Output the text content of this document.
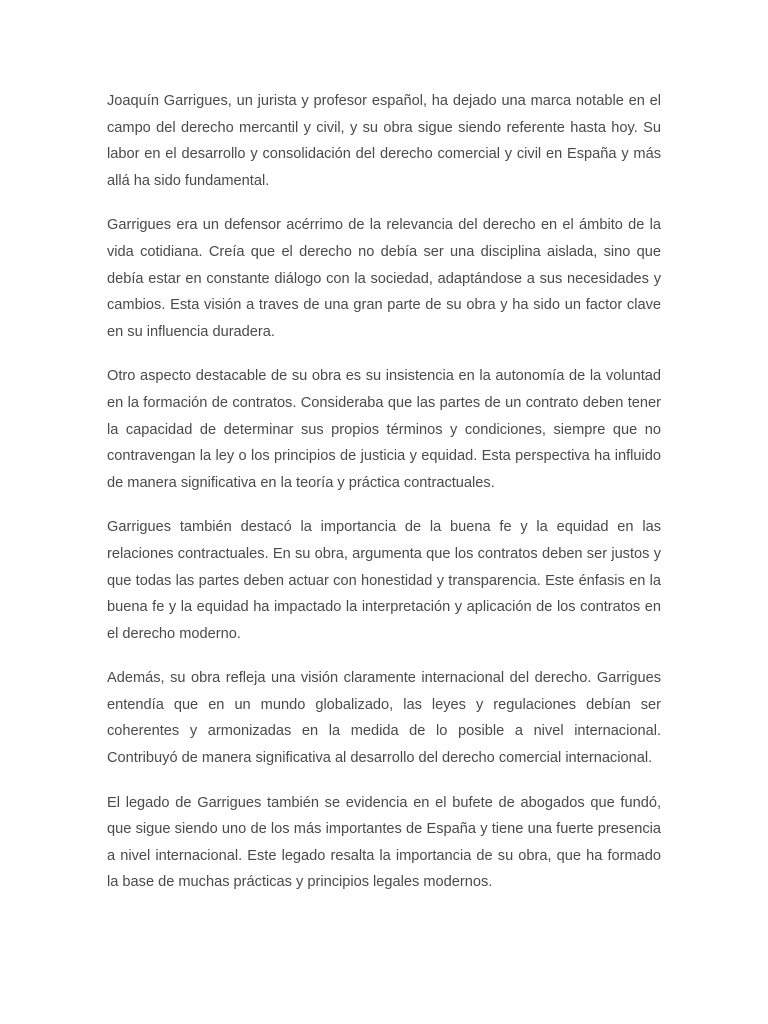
Joaquín Garrigues, un jurista y profesor español, ha dejado una marca notable en el campo del derecho mercantil y civil, y su obra sigue siendo referente hasta hoy. Su labor en el desarrollo y consolidación del derecho comercial y civil en España y más allá ha sido fundamental.

Garrigues era un defensor acérrimo de la relevancia del derecho en el ámbito de la vida cotidiana. Creía que el derecho no debía ser una disciplina aislada, sino que debía estar en constante diálogo con la sociedad, adaptándose a sus necesidades y cambios. Esta visión a traves de una gran parte de su obra y ha sido un factor clave en su influencia duradera.

Otro aspecto destacable de su obra es su insistencia en la autonomía de la voluntad en la formación de contratos. Consideraba que las partes de un contrato deben tener la capacidad de determinar sus propios términos y condiciones, siempre que no contravengan la ley o los principios de justicia y equidad. Esta perspectiva ha influido de manera significativa en la teoría y práctica contractuales.

Garrigues también destacó la importancia de la buena fe y la equidad en las relaciones contractuales. En su obra, argumenta que los contratos deben ser justos y que todas las partes deben actuar con honestidad y transparencia. Este énfasis en la buena fe y la equidad ha impactado la interpretación y aplicación de los contratos en el derecho moderno.

Además, su obra refleja una visión claramente internacional del derecho. Garrigues entendía que en un mundo globalizado, las leyes y regulaciones debían ser coherentes y armonizadas en la medida de lo posible a nivel internacional. Contribuyó de manera significativa al desarrollo del derecho comercial internacional.

El legado de Garrigues también se evidencia en el bufete de abogados que fundó, que sigue siendo uno de los más importantes de España y tiene una fuerte presencia a nivel internacional. Este legado resalta la importancia de su obra, que ha formado la base de muchas prácticas y principios legales modernos.
